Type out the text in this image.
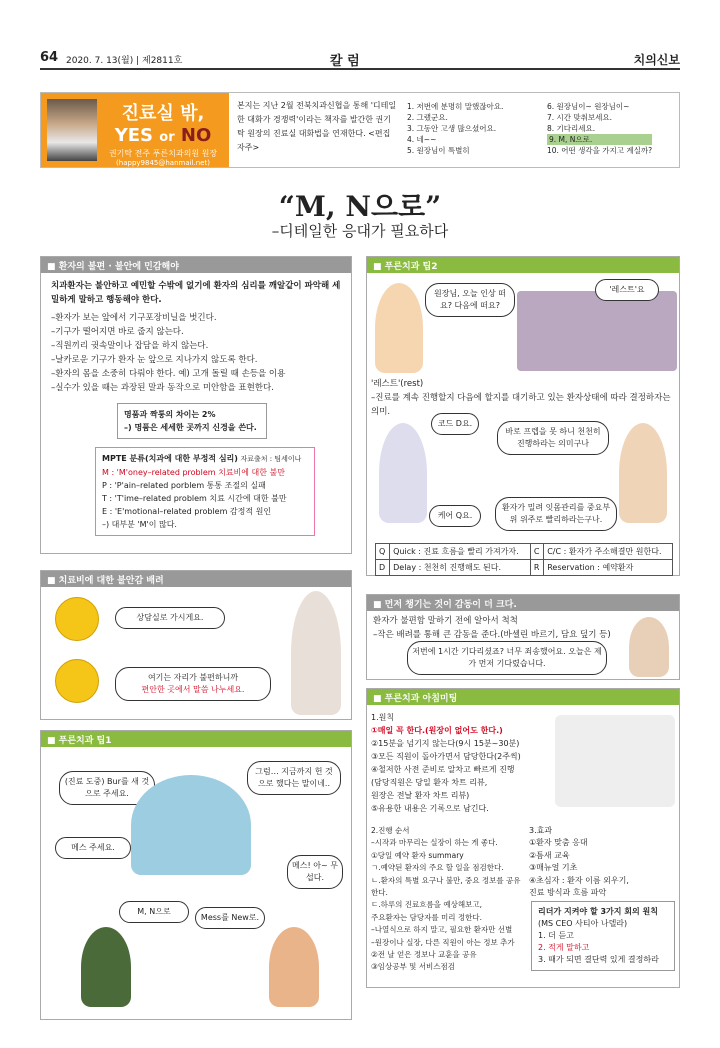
64 2020. 7. 13(월) | 제2811호	칼 럼	치의신보
진료실 밖,
YES or NO
권기탁 전주 푸른치과의원 원장
(happy9845@hanmail.net)
본지는 지난 2월 전북치과신협을 통해 '디테일한 대화가 경쟁력'이라는 책자를 발간한 권기탁 원장의 진료실 대화법을 연재한다. <편집자주>
1. 저번에 분명히 말했잖아요.
2. 그랬군요.
3. 그동안 고생 많으셨어요.
4. 네~~
5. 원장님이 특별히
6. 원장님이~ 원장님이~
7. 시간 맞춰보세요.
8. 기다리세요.
9. M, N으로.
10. 어떤 생각을 가지고 계실까?
“M, N으로”
–디테일한 응대가 필요하다
■ 환자의 불편 · 불안에 민감해야
치과환자는 불안하고 예민할 수밖에 없기에 환자의 심리를 깨알같이 파악해 세밀하게 말하고 행동해야 한다.
–환자가 보는 앞에서 기구포장비닐을 벗긴다.
–기구가 떨어지면 바로 줍지 않는다.
–직원끼리 귓속말이나 잡담을 하지 않는다.
–날카로운 기구가 환자 눈 앞으로 지나가지 않도록 한다.
–환자의 몸을 소중히 다뤄야 한다. 예) 고개 돌릴 때 손등을 이용
–실수가 있을 때는 과장된 말과 동작으로 미안함을 표현한다.
명품과 짝퉁의 차이는 2%
–) 명품은 세세한 곳까지 신경을 쓴다.
MPTE 분류(치과에 대한 부정적 심리) 자료출처 : 팀세이나
M : 'M'oney–related problem 치료비에 대한 불만
P : 'P'ain–related porblem 통통 조절의 실패
T : 'T'ime–related problem 치료 시간에 대한 불만
E : 'E'motional–related problem 감정적 원인
–) 대부분 'M'이 많다.
■ 치료비에 대한 불안감 배려
상담실로 가시게요.
여기는 자리가 불편하니까
편안한 곳에서 말씀 나누세요.
■ 푸른치과 팁1
(진료 도중) Bur를 새 것으로 주세요.
그럼… 지금까지 헌 것으로 했다는 말이네..
메스 주세요.
메스! 아~ 무섭다.
M, N으로
Mess를 New로.
■ 푸른치과 팁2
원장님, 오늘 인상 떠요? 다음에 떠요?
'레스트'요
'레스트'(rest)
–진료를 계속 진행할지 다음에 할지를 대기하고 있는 환자상태에 따라 결정하자는 의미.
코드 D요.
바로 프렙을 못 하니 천천히 진행하라는 의미구나
케어 Q요.
환자가 밀려 잇몸관리를 중요부위 위주로 빨리하라는구나.
Q	Quick : 진료 흐름을 빨리 가져가자.	C	C/C : 환자가 주소해결만 원한다.
D	Delay : 천천히 진행해도 된다.	R	Reservation : 예약환자
■ 먼저 챙기는 것이 감동이 더 크다.
환자가 불편함 말하기 전에 알아서 척척
–작은 배려를 통해 큰 감동을 준다.(바셀린 바르기, 담요 덮기 등)
저번에 1시간 기다리셨죠? 너무 죄송했어요. 오늘은 제가 먼저 기다렸습니다.
■ 푸른치과 아침미팅
1.원칙
①매일 꼭 한다.(원장이 없어도 한다.)
②15분을 넘기지 않는다(9시 15분~30분)
③모든 직원이 돌아가면서 담당한다(2주씩)
④철저한 사전 준비로 알차고 빠르게 진행
(담당직원은 당일 환자 차트 리뷰,
원장은 전날 환자 차트 리뷰)
⑤유용한 내용은 기록으로 남긴다.
2.진행 순서
–시작과 마무리는 실장이 하는 게 좋다.
①당일 예약 환자 summary
ㄱ.예약된 환자의 주요 할 일을 점검한다.
ㄴ.환자의 특별 요구나 불만, 중요 정보를 공유한다.
ㄷ.하루의 진료흐름을 예상해보고,
주요환자는 담당자를 미리 정한다.
–나열식으로 하지 말고, 필요한 환자만 선별
–원장이나 실장, 다른 직원이 아는 정보 추가
②전 날 얻은 정보나 교훈을 공유
③임상공부 및 서비스점검
3.효과
①환자 맞춤 응대
②틈새 교육
③매뉴얼 기초
④초심자 : 환자 이름 외우기,
진료 방식과 흐름 파악
리더가 지켜야 할 3가지 회의 원칙
(MS CEO 사티아 나델라)
1. 더 듣고
2. 적게 말하고
3. 때가 되면 결단력 있게 결정하라
